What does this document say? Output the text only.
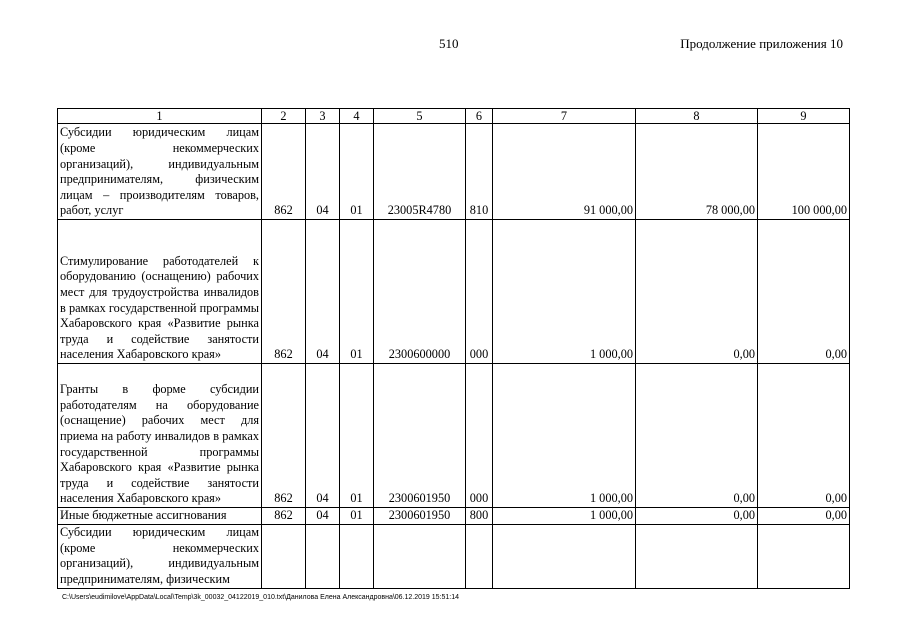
510	Продолжение приложения 10
1	2	3	4	5	6	7	8	9
Субсидии юридическим лицам (кроме некоммерческих организаций), индивидуальным предпринимателям, физическим лицам – производителям товаров, работ, услуг	862	04	01	23005R4780	810	91 000,00	78 000,00	100 000,00
Стимулирование работодателей к оборудованию (оснащению) рабочих мест для трудоустройства инвалидов в рамках государственной программы Хабаровского края «Развитие рынка труда и содействие занятости населения Хабаровского края»	862	04	01	2300600000	000	1 000,00	0,00	0,00
Гранты в форме субсидии работодателям на оборудование (оснащение) рабочих мест для приема на работу инвалидов в рамках государственной программы Хабаровского края «Развитие рынка труда и содействие занятости населения Хабаровского края»	862	04	01	2300601950	000	1 000,00	0,00	0,00
Иные бюджетные ассигнования	862	04	01	2300601950	800	1 000,00	0,00	0,00
Субсидии юридическим лицам (кроме некоммерческих организаций), индивидуальным предпринимателям, физическим								
C:\Users\eudimilove\AppData\Local\Temp\3k_00032_04122019_010.txt\Данилова Елена Александровна\06.12.2019 15:51:14
